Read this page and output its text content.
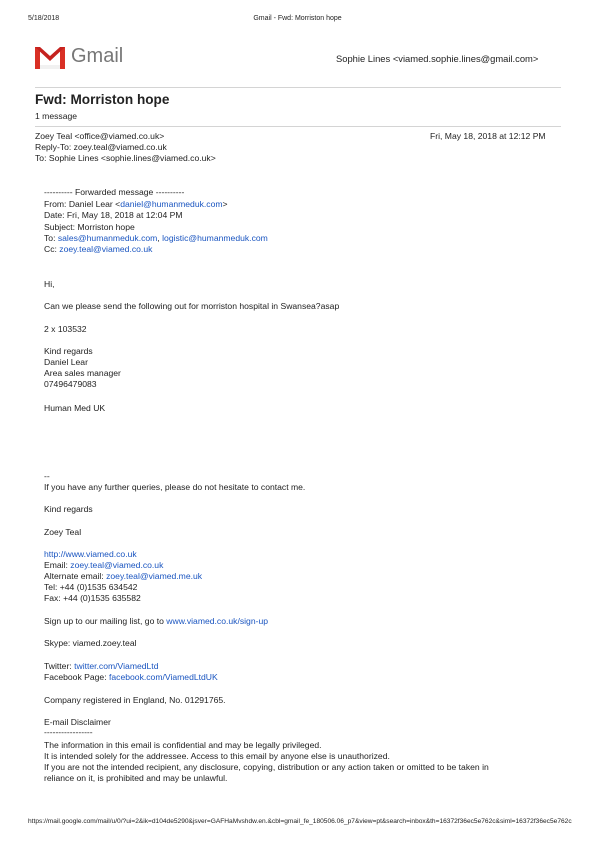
5/18/2018	Gmail - Fwd: Morriston hope
Gmail	Sophie Lines <viamed.sophie.lines@gmail.com>
Fwd: Morriston hope
1 message
Zoey Teal <office@viamed.co.uk>	Fri, May 18, 2018 at 12:12 PM
Reply-To: zoey.teal@viamed.co.uk
To: Sophie Lines <sophie.lines@viamed.co.uk>
---------- Forwarded message ----------
From: Daniel Lear <daniel@humanmeduk.com>
Date: Fri, May 18, 2018 at 12:04 PM
Subject: Morriston hope
To: sales@humanmeduk.com, logistic@humanmeduk.com
Cc: zoey.teal@viamed.co.uk
Hi,
Can we please send the following out for morriston hospital in Swansea?asap
2 x 103532
Kind regards
Daniel Lear
Area sales manager
07496479083
Human Med UK
--
If you have any further queries, please do not hesitate to contact me.
Kind regards
Zoey Teal
http://www.viamed.co.uk
Email: zoey.teal@viamed.co.uk
Alternate email: zoey.teal@viamed.me.uk
Tel: +44 (0)1535 634542
Fax: +44 (0)1535 635582
Sign up to our mailing list, go to www.viamed.co.uk/sign-up
Skype: viamed.zoey.teal
Twitter: twitter.com/ViamedLtd
Facebook Page: facebook.com/ViamedLtdUK
Company registered in England, No. 01291765.
E-mail Disclaimer
-----------------
The information in this email is confidential and may be legally privileged.
It is intended solely for the addressee. Access to this email by anyone else is unauthorized.
If you are not the intended recipient, any disclosure, copying, distribution or any action taken or omitted to be taken in
reliance on it, is prohibited and may be unlawful.
https://mail.google.com/mail/u/0/?ui=2&ik=d104de5290&jsver=GAFHaMvshdw.en.&cbl=gmail_fe_180506.06_p7&view=pt&search=inbox&th=16372f36ec5e762c&siml=16372f36ec5e762c
